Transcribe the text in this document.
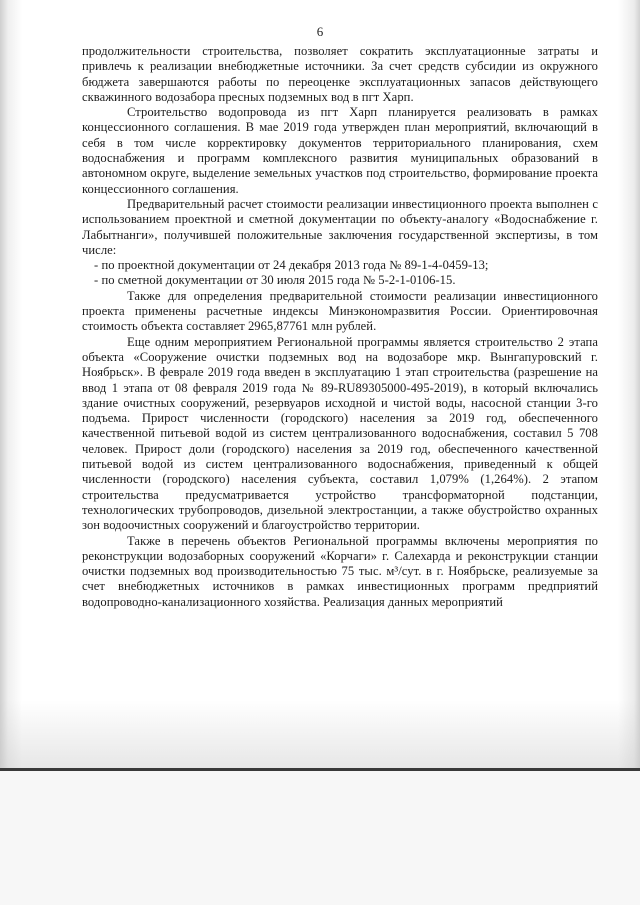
6

продолжительности строительства, позволяет сократить эксплуатационные затраты и привлечь к реализации внебюджетные источники. За счет средств субсидии из окружного бюджета завершаются работы по переоценке эксплуатационных запасов действующего скважинного водозабора пресных подземных вод в пгт Харп.

Строительство водопровода из пгт Харп планируется реализовать в рамках концессионного соглашения. В мае 2019 года утвержден план мероприятий, включающий в себя в том числе корректировку документов территориального планирования, схем водоснабжения и программ комплексного развития муниципальных образований в автономном округе, выделение земельных участков под строительство, формирование проекта концессионного соглашения.

Предварительный расчет стоимости реализации инвестиционного проекта выполнен с использованием проектной и сметной документации по объекту-аналогу «Водоснабжение г. Лабытнанги», получившей положительные заключения государственной экспертизы, в том числе:

- по проектной документации от 24 декабря 2013 года № 89-1-4-0459-13;

- по сметной документации от 30 июля 2015 года № 5-2-1-0106-15.

Также для определения предварительной стоимости реализации инвестиционного проекта применены расчетные индексы Минэкономразвития России. Ориентировочная стоимость объекта составляет 2965,87761 млн рублей.

Еще одним мероприятием Региональной программы является строительство 2 этапа объекта «Сооружение очистки подземных вод на водозаборе мкр. Вынгапуровский г. Ноябрьск». В феврале 2019 года введен в эксплуатацию 1 этап строительства (разрешение на ввод 1 этапа от 08 февраля 2019 года № 89-RU89305000-495-2019), в который включались здание очистных сооружений, резервуаров исходной и чистой воды, насосной станции 3-го подъема. Прирост численности (городского) населения за 2019 год, обеспеченного качественной питьевой водой из систем централизованного водоснабжения, составил 5 708 человек. Прирост доли (городского) населения за 2019 год, обеспеченного качественной питьевой водой из систем централизованного водоснабжения, приведенный к общей численности (городского) населения субъекта, составил 1,079% (1,264%). 2 этапом строительства предусматривается устройство трансформаторной подстанции, технологических трубопроводов, дизельной электростанции, а также обустройство охранных зон водоочистных сооружений и благоустройство территории.

Также в перечень объектов Региональной программы включены мероприятия по реконструкции водозаборных сооружений «Корчаги» г. Салехарда и реконструкции станции очистки подземных вод производительностью 75 тыс. м³/сут. в г. Ноябрьске, реализуемые за счет внебюджетных источников в рамках инвестиционных программ предприятий водопроводно-канализационного хозяйства. Реализация данных мероприятий
